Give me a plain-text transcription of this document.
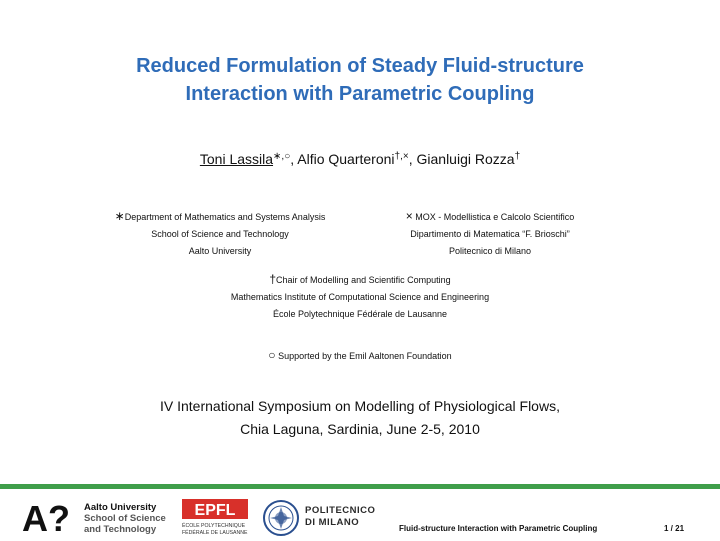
Reduced Formulation of Steady Fluid-structure
Interaction with Parametric Coupling
Toni Lassila∗,○, Alfio Quarteroni†,×, Gianluigi Rozza†
∗Department of Mathematics and Systems Analysis
School of Science and Technology
Aalto University
× MOX - Modellistica e Calcolo Scientifico
Dipartimento di Matematica “F. Brioschi”
Politecnico di Milano
†Chair of Modelling and Scientific Computing
Mathematics Institute of Computational Science and Engineering
École Polytechnique Fédérale de Lausanne
○ Supported by the Emil Aaltonen Foundation
IV International Symposium on Modelling of Physiological Flows,
Chia Laguna, Sardinia, June 2-5, 2010
A? Aalto University
School of Science
and Technology
EPFL
ÉCOLE POLYTECHNIQUE
FÉDÉRALE DE LAUSANNE
POLITECNICO
DI MILANO
Fluid-structure Interaction with Parametric Coupling	1 / 21
